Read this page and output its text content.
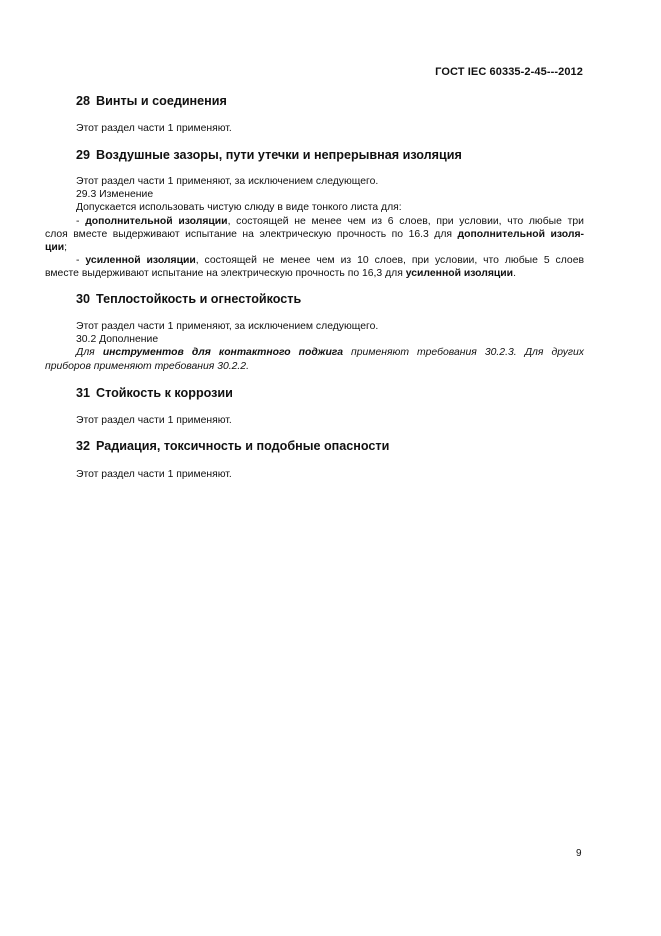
ГОСТ IEC 60335-2-45---2012
28 Винты и соединения
Этот раздел части 1 применяют.
29 Воздушные зазоры, пути утечки и непрерывная изоляция
Этот раздел части 1 применяют, за исключением следующего.
29.3 Изменение
Допускается использовать чистую слюду в виде тонкого листа для:
- дополнительной изоляции, состоящей не менее чем из 6 слоев, при условии, что любые три
слоя вместе выдерживают испытание на электрическую прочность по 16.3 для дополнительной изоля-
ции;
- усиленной изоляции, состоящей не менее чем из 10 слоев, при условии, что любые 5 слоев
вместе выдерживают испытание на электрическую прочность по 16,3 для усиленной изоляции.
30 Теплостойкость и огнестойкость
Этот раздел части 1 применяют, за исключением следующего.
30.2 Дополнение
Для инструментов для контактного поджига применяют требования 30.2.3. Для других
приборов применяют требования 30.2.2.
31 Стойкость к коррозии
Этот раздел части 1 применяют.
32 Радиация, токсичность и подобные опасности
Этот раздел части 1 применяют.
9
